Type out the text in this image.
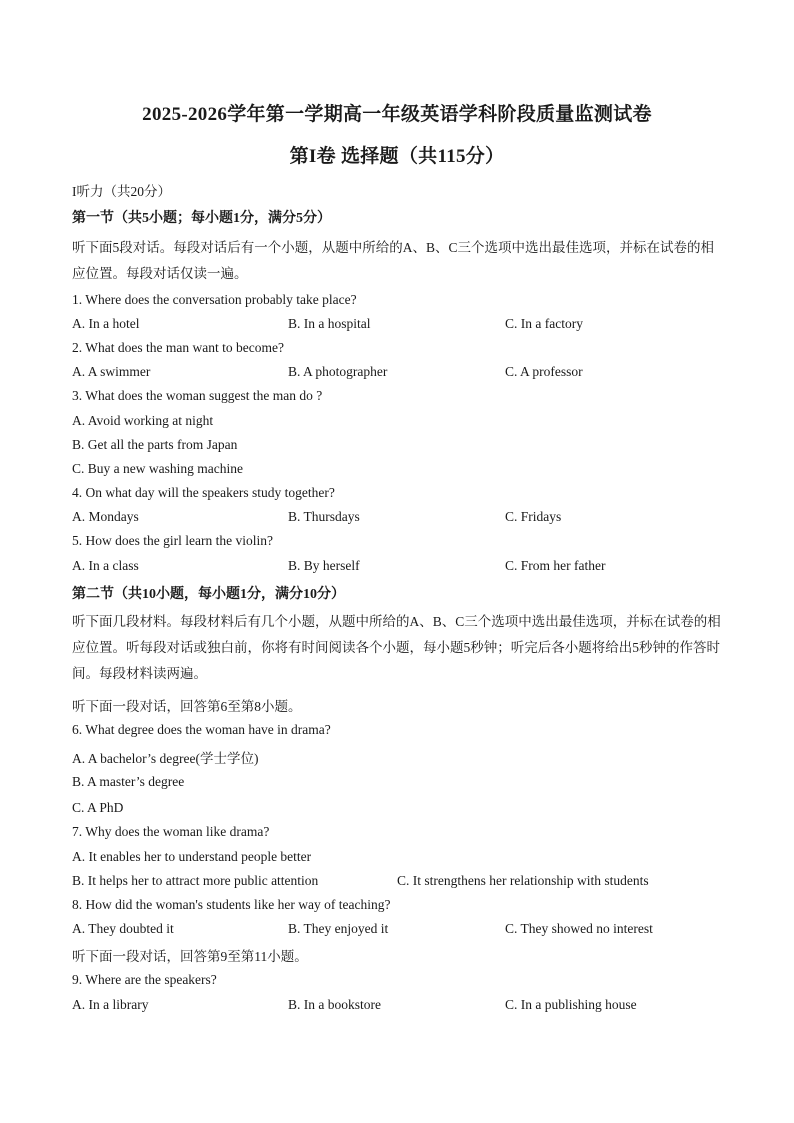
2025-2026学年第一学期高一年级英语学科阶段质量监测试卷
第I卷 选择题（共115分）
I听力（共20分）
第一节（共5小题；每小题1分，满分5分）
听下面5段对话。每段对话后有一个小题，从题中所给的A、B、C三个选项中选出最佳选项，并标在试卷的相应位置。每段对话仅读一遍。
1. Where does the conversation probably take place?
A. In a hotel	B. In a hospital	C. In a factory
2. What does the man want to become?
A. A swimmer	B. A photographer	C. A professor
3. What does the woman suggest the man do ?
A. Avoid working at night
B. Get all the parts from Japan
C. Buy a new washing machine
4. On what day will the speakers study together?
A. Mondays	B. Thursdays	C. Fridays
5. How does the girl learn the violin?
A. In a class	B. By herself	C. From her father
第二节（共10小题，每小题1分，满分10分）
听下面几段材料。每段材料后有几个小题，从题中所给的A、B、C三个选项中选出最佳选项，并标在试卷的相应位置。听每段对话或独白前，你将有时间阅读各个小题，每小题5秒钟；听完后各小题将给出5秒钟的作答时间。每段材料读两遍。
听下面一段对话，回答第6至第8小题。
6. What degree does the woman have in drama?
A. A bachelor’s degree(学士学位)
B. A master’s degree
C. A PhD
7. Why does the woman like drama?
A. It enables her to understand people better
B. It helps her to attract more public attention	C. It strengthens her relationship with students
8. How did the woman's students like her way of teaching?
A. They doubted it	B. They enjoyed it	C. They showed no interest
听下面一段对话，回答第9至第11小题。
9. Where are the speakers?
A. In a library	B. In a bookstore	C. In a publishing house
